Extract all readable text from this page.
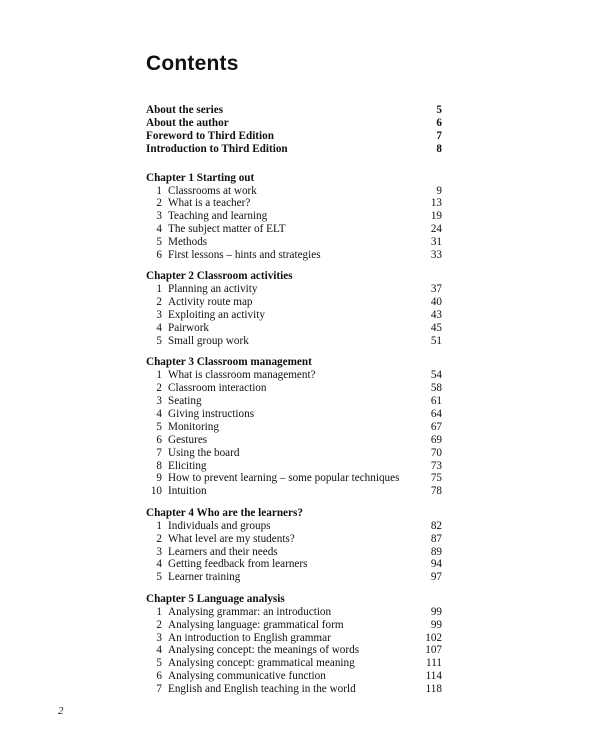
Contents
About the series	5
About the author	6
Foreword to Third Edition	7
Introduction to Third Edition	8
Chapter 1 Starting out
1 Classrooms at work	9
2 What is a teacher?	13
3 Teaching and learning	19
4 The subject matter of ELT	24
5 Methods	31
6 First lessons – hints and strategies	33
Chapter 2 Classroom activities
1 Planning an activity	37
2 Activity route map	40
3 Exploiting an activity	43
4 Pairwork	45
5 Small group work	51
Chapter 3 Classroom management
1 What is classroom management?	54
2 Classroom interaction	58
3 Seating	61
4 Giving instructions	64
5 Monitoring	67
6 Gestures	69
7 Using the board	70
8 Eliciting	73
9 How to prevent learning – some popular techniques	75
10 Intuition	78
Chapter 4 Who are the learners?
1 Individuals and groups	82
2 What level are my students?	87
3 Learners and their needs	89
4 Getting feedback from learners	94
5 Learner training	97
Chapter 5 Language analysis
1 Analysing grammar: an introduction	99
2 Analysing language: grammatical form	99
3 An introduction to English grammar	102
4 Analysing concept: the meanings of words	107
5 Analysing concept: grammatical meaning	111
6 Analysing communicative function	114
7 English and English teaching in the world	118
2
